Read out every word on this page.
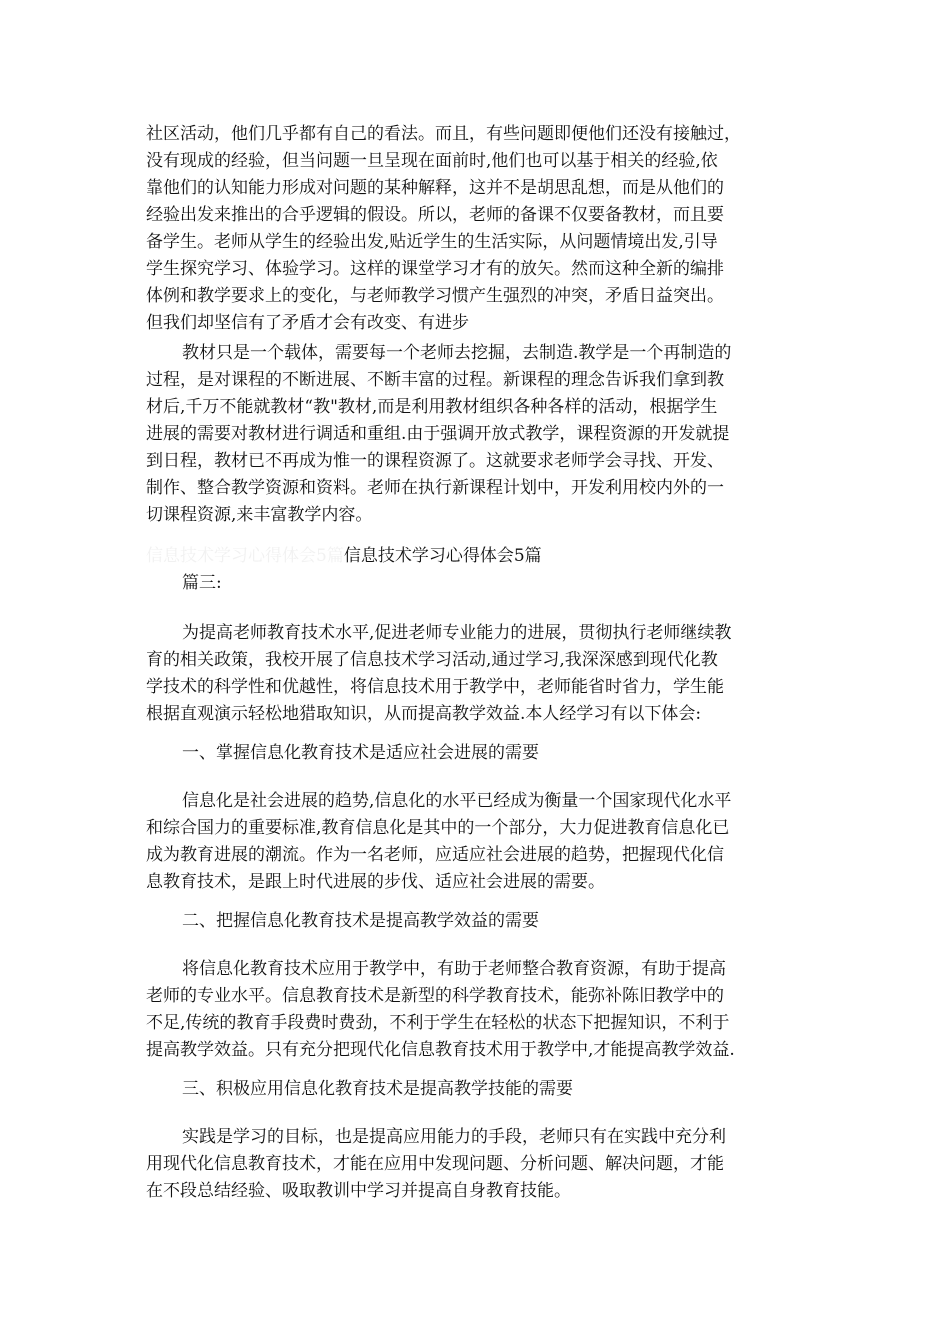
社区活动，他们几乎都有自己的看法。而且，有些问题即便他们还没有接触过，
没有现成的经验，但当问题一旦呈现在面前时,他们也可以基于相关的经验,依
靠他们的认知能力形成对问题的某种解释，这并不是胡思乱想，而是从他们的
经验出发来推出的合乎逻辑的假设。所以，老师的备课不仅要备教材，而且要
备学生。老师从学生的经验出发,贴近学生的生活实际，从问题情境出发,引导
学生探究学习、体验学习。这样的课堂学习才有的放矢。然而这种全新的编排
体例和教学要求上的变化，与老师教学习惯产生强烈的冲突，矛盾日益突出。
但我们却坚信有了矛盾才会有改变、有进步

教材只是一个载体，需要每一个老师去挖掘，去制造.教学是一个再制造的
过程，是对课程的不断进展、不断丰富的过程。新课程的理念告诉我们拿到教
材后,千万不能就教材“教"教材,而是利用教材组织各种各样的活动，根据学生
进展的需要对教材进行调适和重组.由于强调开放式教学，课程资源的开发就提
到日程，教材已不再成为惟一的课程资源了。这就要求老师学会寻找、开发、
制作、整合教学资源和资料。老师在执行新课程计划中，开发利用校内外的一
切课程资源,来丰富教学内容。

信息技术学习心得体会5篇信息技术学习心得体会5篇

篇三:

为提高老师教育技术水平,促进老师专业能力的进展，贯彻执行老师继续教
育的相关政策，我校开展了信息技术学习活动,通过学习,我深深感到现代化教
学技术的科学性和优越性，将信息技术用于教学中，老师能省时省力，学生能
根据直观演示轻松地猎取知识，从而提高教学效益.本人经学习有以下体会:

一、掌握信息化教育技术是适应社会进展的需要

信息化是社会进展的趋势,信息化的水平已经成为衡量一个国家现代化水平
和综合国力的重要标准,教育信息化是其中的一个部分，大力促进教育信息化已
成为教育进展的潮流。作为一名老师，应适应社会进展的趋势，把握现代化信
息教育技术，是跟上时代进展的步伐、适应社会进展的需要。

二、把握信息化教育技术是提高教学效益的需要

将信息化教育技术应用于教学中，有助于老师整合教育资源，有助于提高
老师的专业水平。信息教育技术是新型的科学教育技术，能弥补陈旧教学中的
不足,传统的教育手段费时费劲，不利于学生在轻松的状态下把握知识，不利于
提高教学效益。只有充分把现代化信息教育技术用于教学中,才能提高教学效益.

三、积极应用信息化教育技术是提高教学技能的需要

实践是学习的目标，也是提高应用能力的手段，老师只有在实践中充分利
用现代化信息教育技术，才能在应用中发现问题、分析问题、解决问题，才能
在不段总结经验、吸取教训中学习并提高自身教育技能。
